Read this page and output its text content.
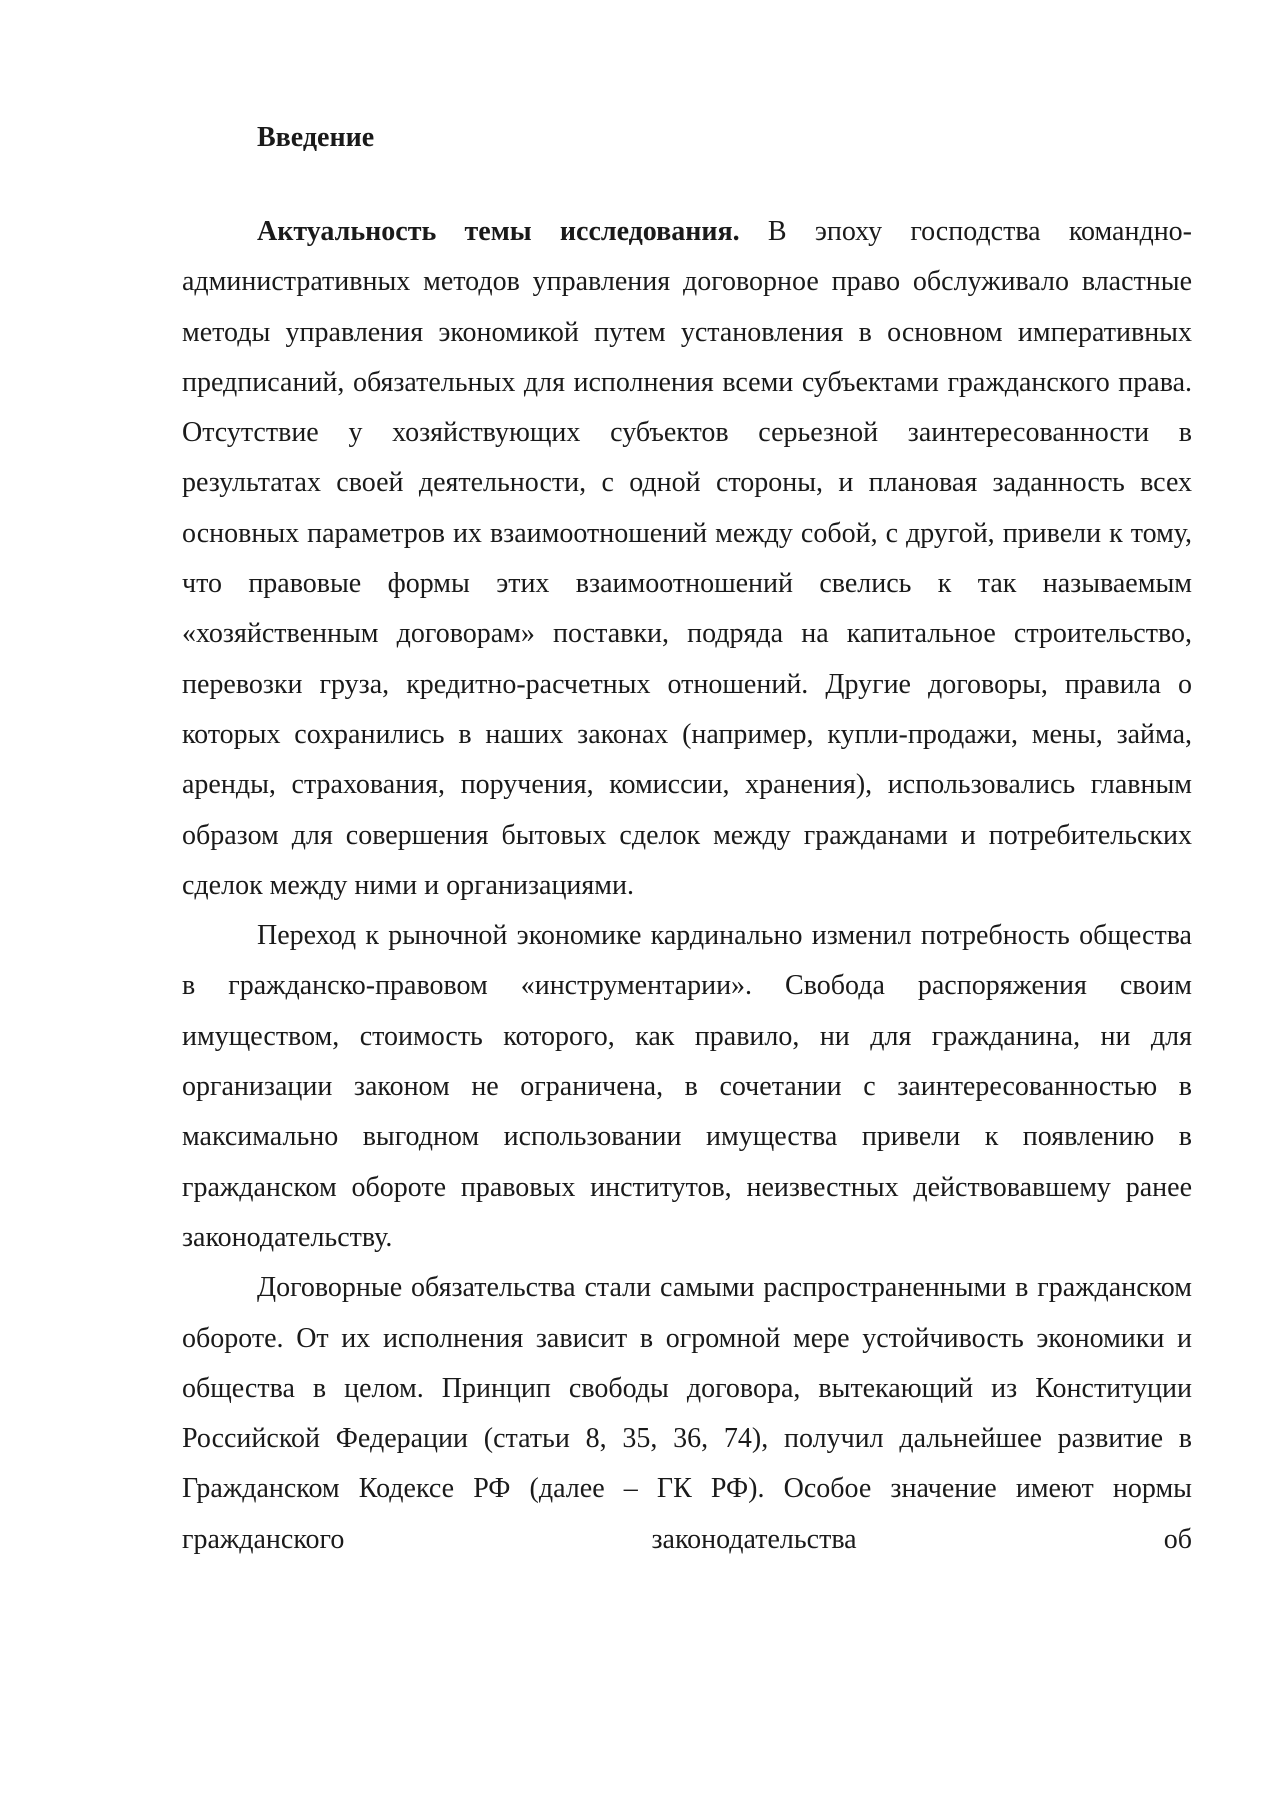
Введение

Актуальность темы исследования. В эпоху господства командно-административных методов управления договорное право обслуживало властные методы управления экономикой путем установления в основном императивных предписаний, обязательных для исполнения всеми субъектами гражданского права. Отсутствие у хозяйствующих субъектов серьезной заинтересованности в результатах своей деятельности, с одной стороны, и плановая заданность всех основных параметров их взаимоотношений между собой, с другой, привели к тому, что правовые формы этих взаимоотношений свелись к так называемым «хозяйственным договорам» поставки, подряда на капитальное строительство, перевозки груза, кредитно-расчетных отношений. Другие договоры, правила о которых сохранились в наших законах (например, купли-продажи, мены, займа, аренды, страхования, поручения, комиссии, хранения), использовались главным образом для совершения бытовых сделок между гражданами и потребительских сделок между ними и организациями.

Переход к рыночной экономике кардинально изменил потребность общества в гражданско-правовом «инструментарии». Свобода распоряжения своим имуществом, стоимость которого, как правило, ни для гражданина, ни для организации законом не ограничена, в сочетании с заинтересованностью в максимально выгодном использовании имущества привели к появлению в гражданском обороте правовых институтов, неизвестных действовавшему ранее законодательству.

Договорные обязательства стали самыми распространенными в гражданском обороте. От их исполнения зависит в огромной мере устойчивость экономики и общества в целом. Принцип свободы договора, вытекающий из Конституции Российской Федерации (статьи 8, 35, 36, 74), получил дальнейшее развитие в Гражданском Кодексе РФ (далее – ГК РФ). Особое значение имеют нормы гражданского законодательства об
